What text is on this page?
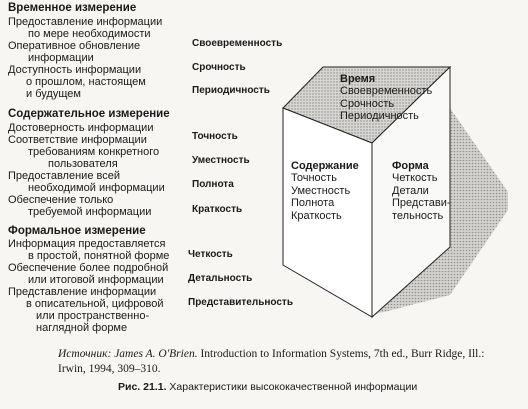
Временное измерение
Предоставление информации
по мере необходимости
Оперативное обновление
информации
Доступность информации
о прошлом, настоящем
и будущем
Содержательное измерение
Достоверность информации
Соответствие информации
требованиям конкретного
пользователя
Предоставление всей
необходимой информации
Обеспечение только
требуемой информации
Формальное измерение
Информация предоставляется
в простой, понятной форме
Обеспечение более подробной
или итоговой информации
Представление информации
в описательной, цифровой
или пространственно-
наглядной форме
Своевременность
Срочность
Периодичность
Точность
Уместность
Полнота
Краткость
Четкость
Детальность
Представительность
Время
Своевременность
Срочность
Периодичность
Содержание
Точность
Уместность
Полнота
Краткость
Форма
Четкость
Детали
Представи-
тельность
Источник: James A. O'Brien. Introduction to Information Systems, 7th ed., Burr Ridge, Ill.:
Irwin, 1994, 309–310.
Рис. 21.1. Характеристики высококачественной информации
